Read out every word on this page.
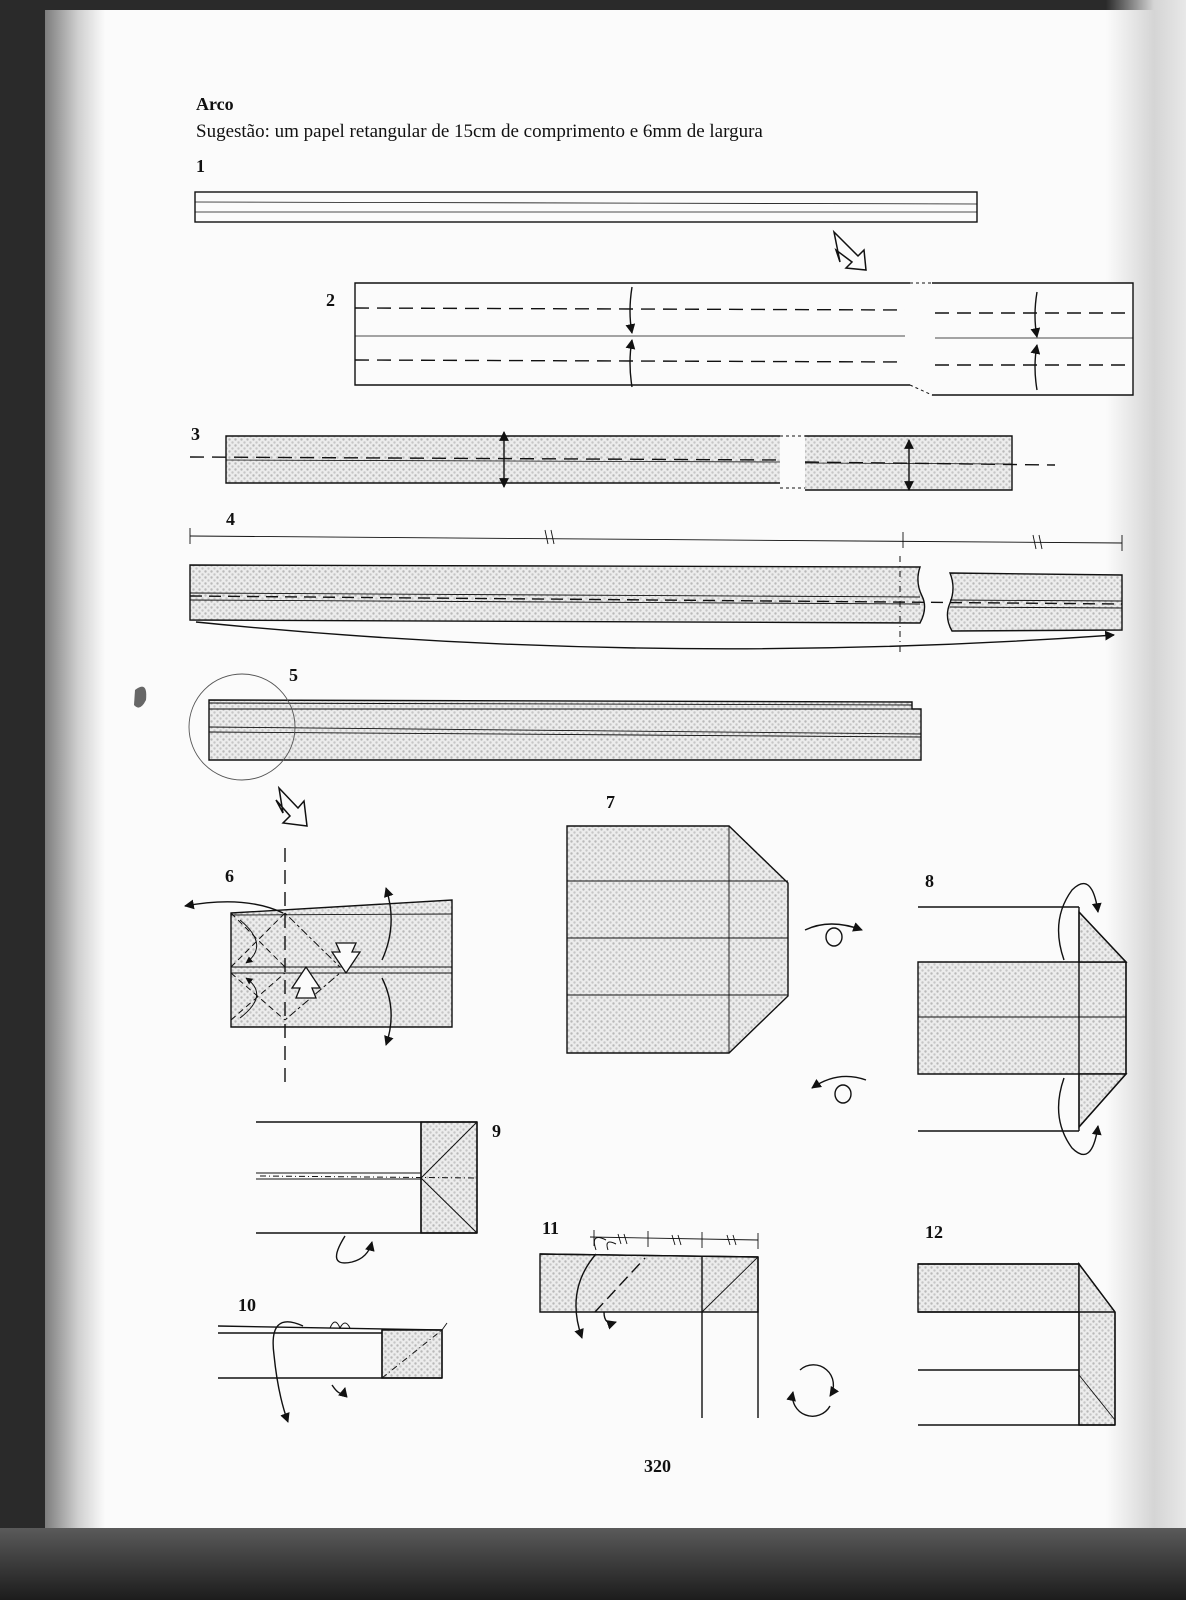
Arco
Sugestão: um papel retangular de 15cm de comprimento e 6mm de largura
1
2
3
4
5
6
7
8
9
10
11	12
320
